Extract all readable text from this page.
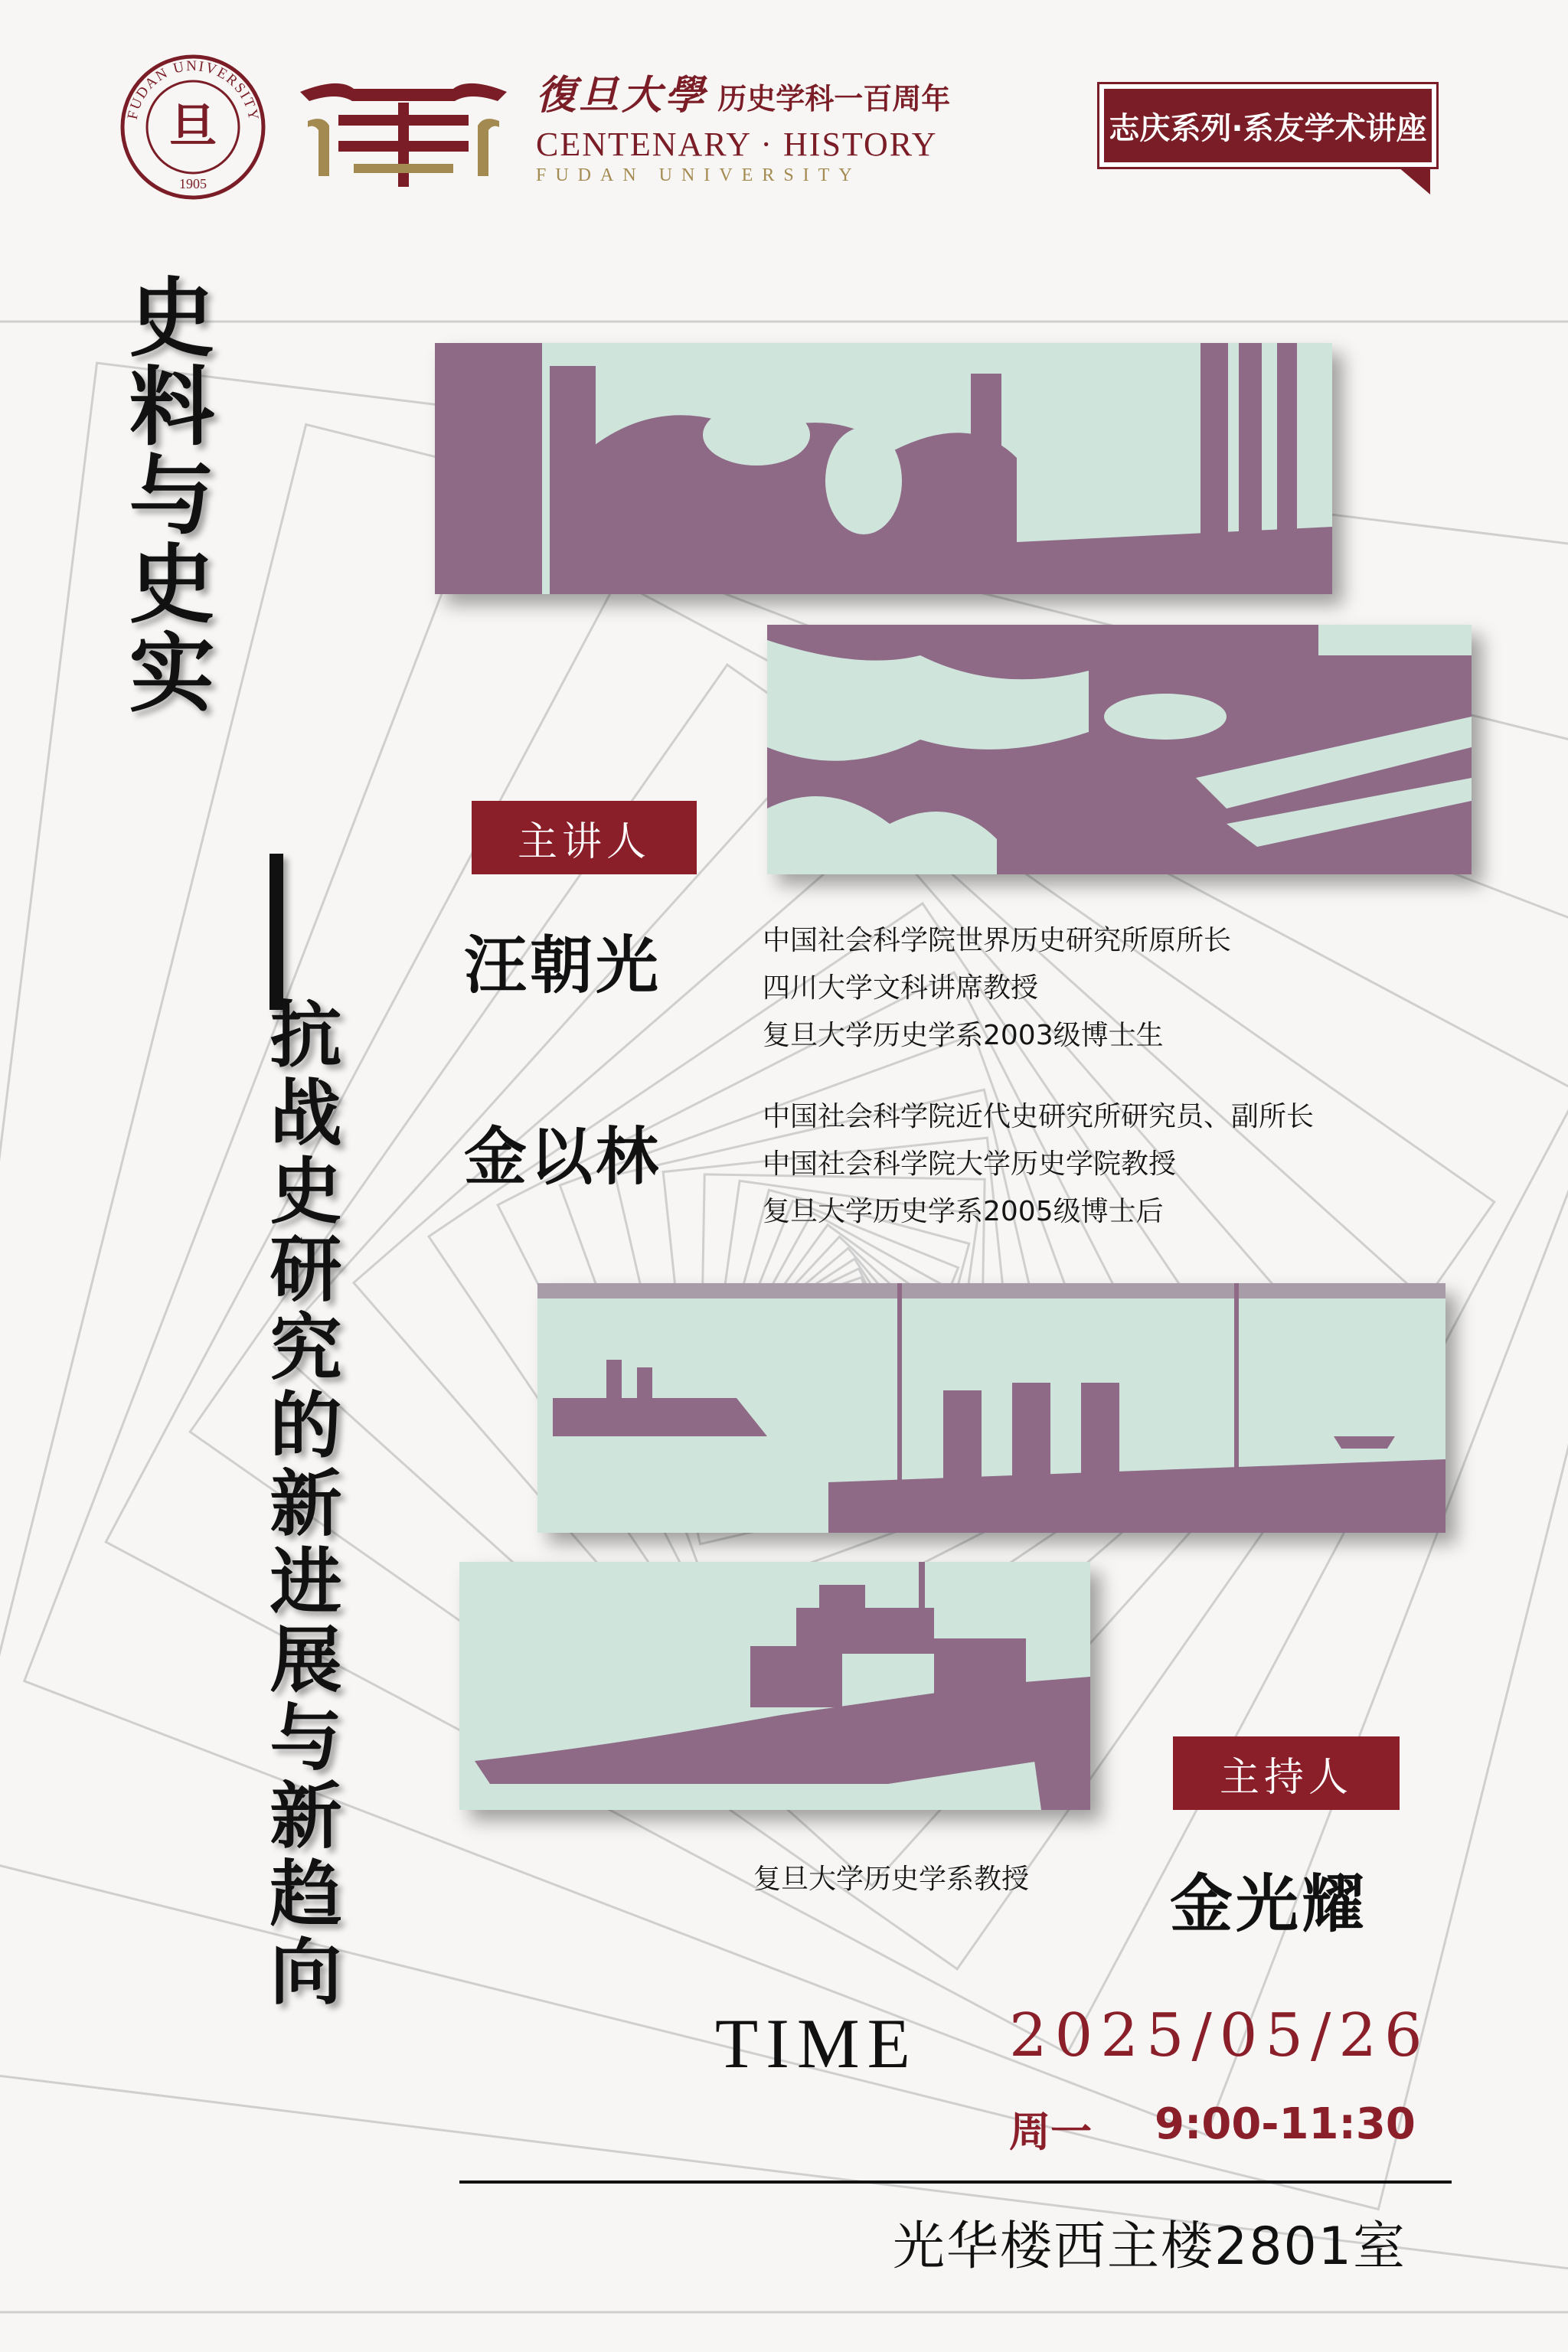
FUDAN UNIVERSITY
旦
1905
復旦大學 历史学科一百周年
CENTENARY · HISTORY
FUDAN UNIVERSITY
志庆系列·系友学术讲座
史料与史实
抗战史研究的新进展与新趋向
主讲人
汪朝光	中国社会科学院世界历史研究所原所长
四川大学文科讲席教授
复旦大学历史学系2003级博士生
金以林
中国社会科学院近代史研究所研究员、副所长
中国社会科学院大学历史学院教授
复旦大学历史学系2005级博士后
主持人
复旦大学历史学系教授 金光耀
TIME 2025/05/26
周一 9:00-11:30
光华楼西主楼2801室
